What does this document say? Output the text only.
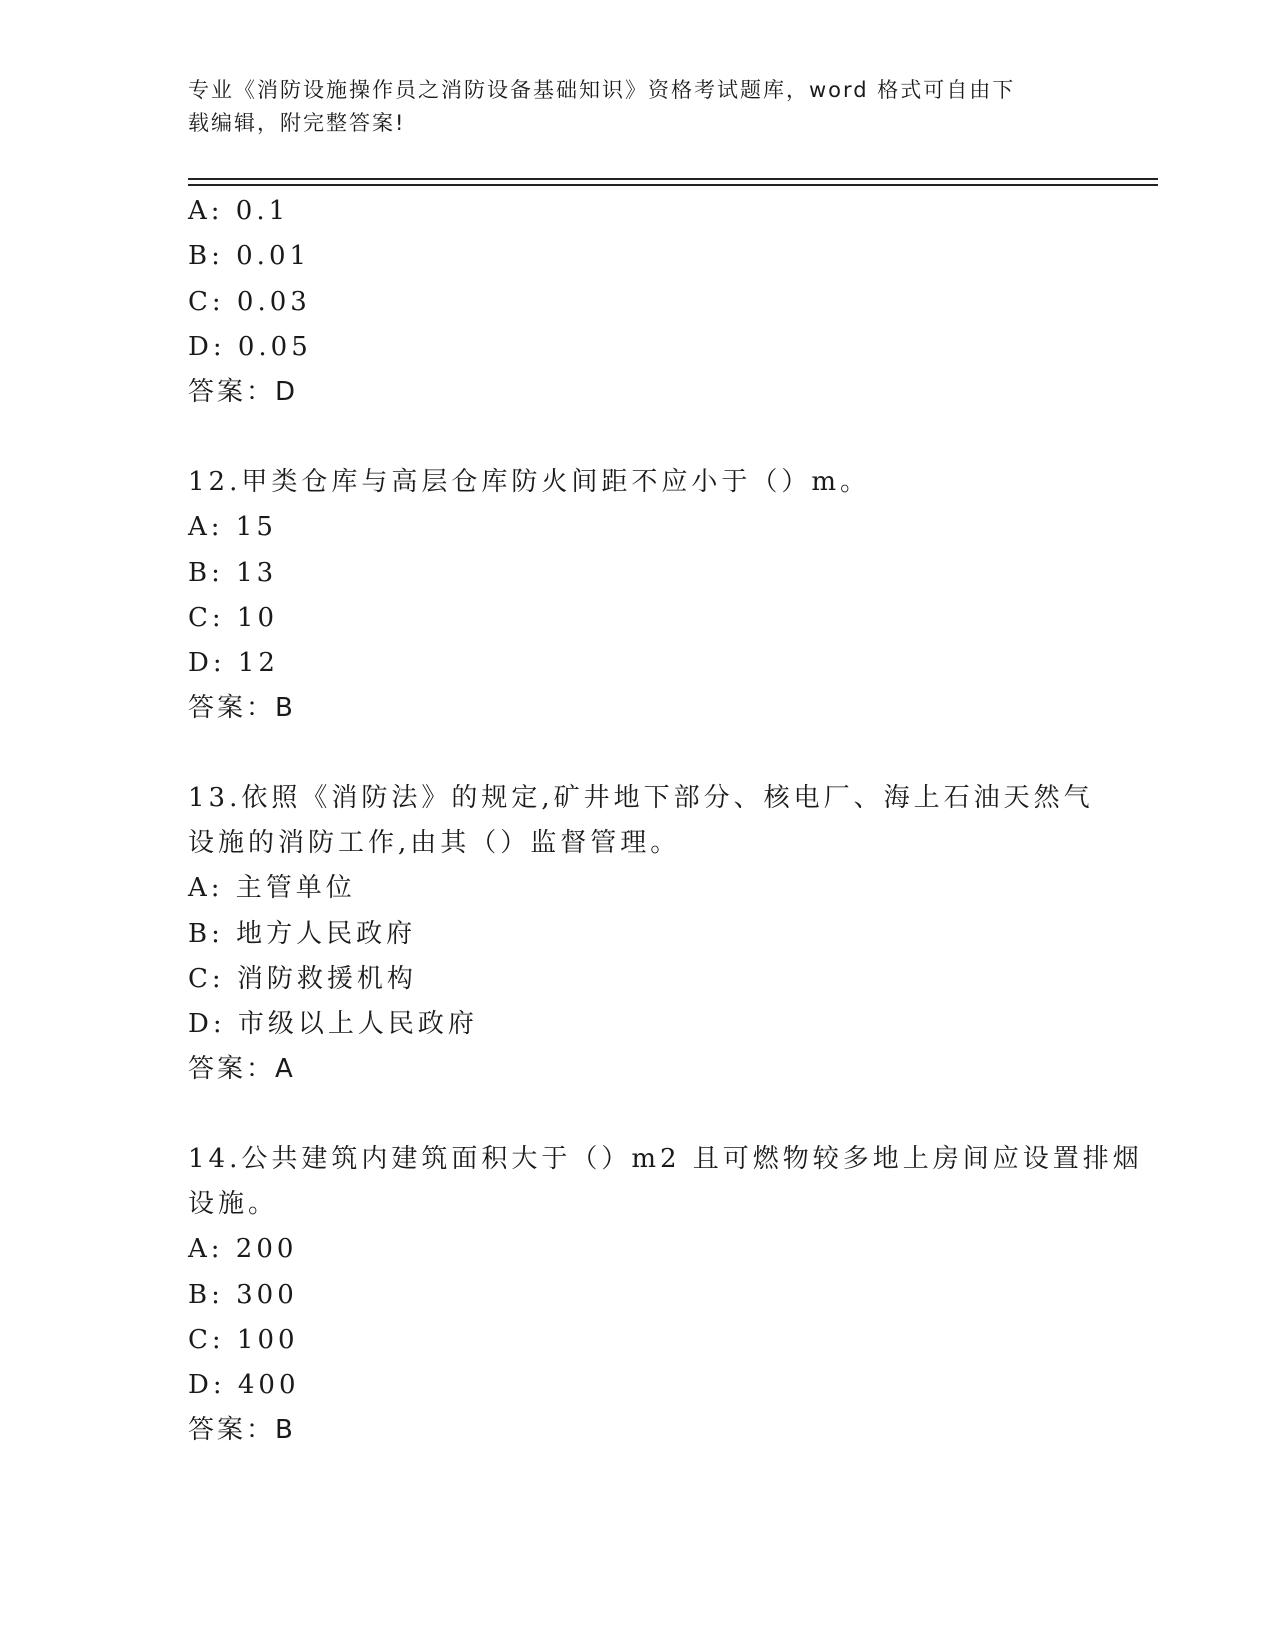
专业《消防设施操作员之消防设备基础知识》资格考试题库，word 格式可自由下
载编辑，附完整答案!
A: 0.1
B: 0.01
C: 0.03
D: 0.05
答案：D
12.甲类仓库与高层仓库防火间距不应小于（）m。
A: 15
B: 13
C: 10
D: 12
答案：B
13.依照《消防法》的规定,矿井地下部分、核电厂、海上石油天然气
设施的消防工作,由其（）监督管理。
A: 主管单位
B: 地方人民政府
C: 消防救援机构
D: 市级以上人民政府
答案：A
14.公共建筑内建筑面积大于（）m2 且可燃物较多地上房间应设置排烟
设施。
A: 200
B: 300
C: 100
D: 400
答案：B
